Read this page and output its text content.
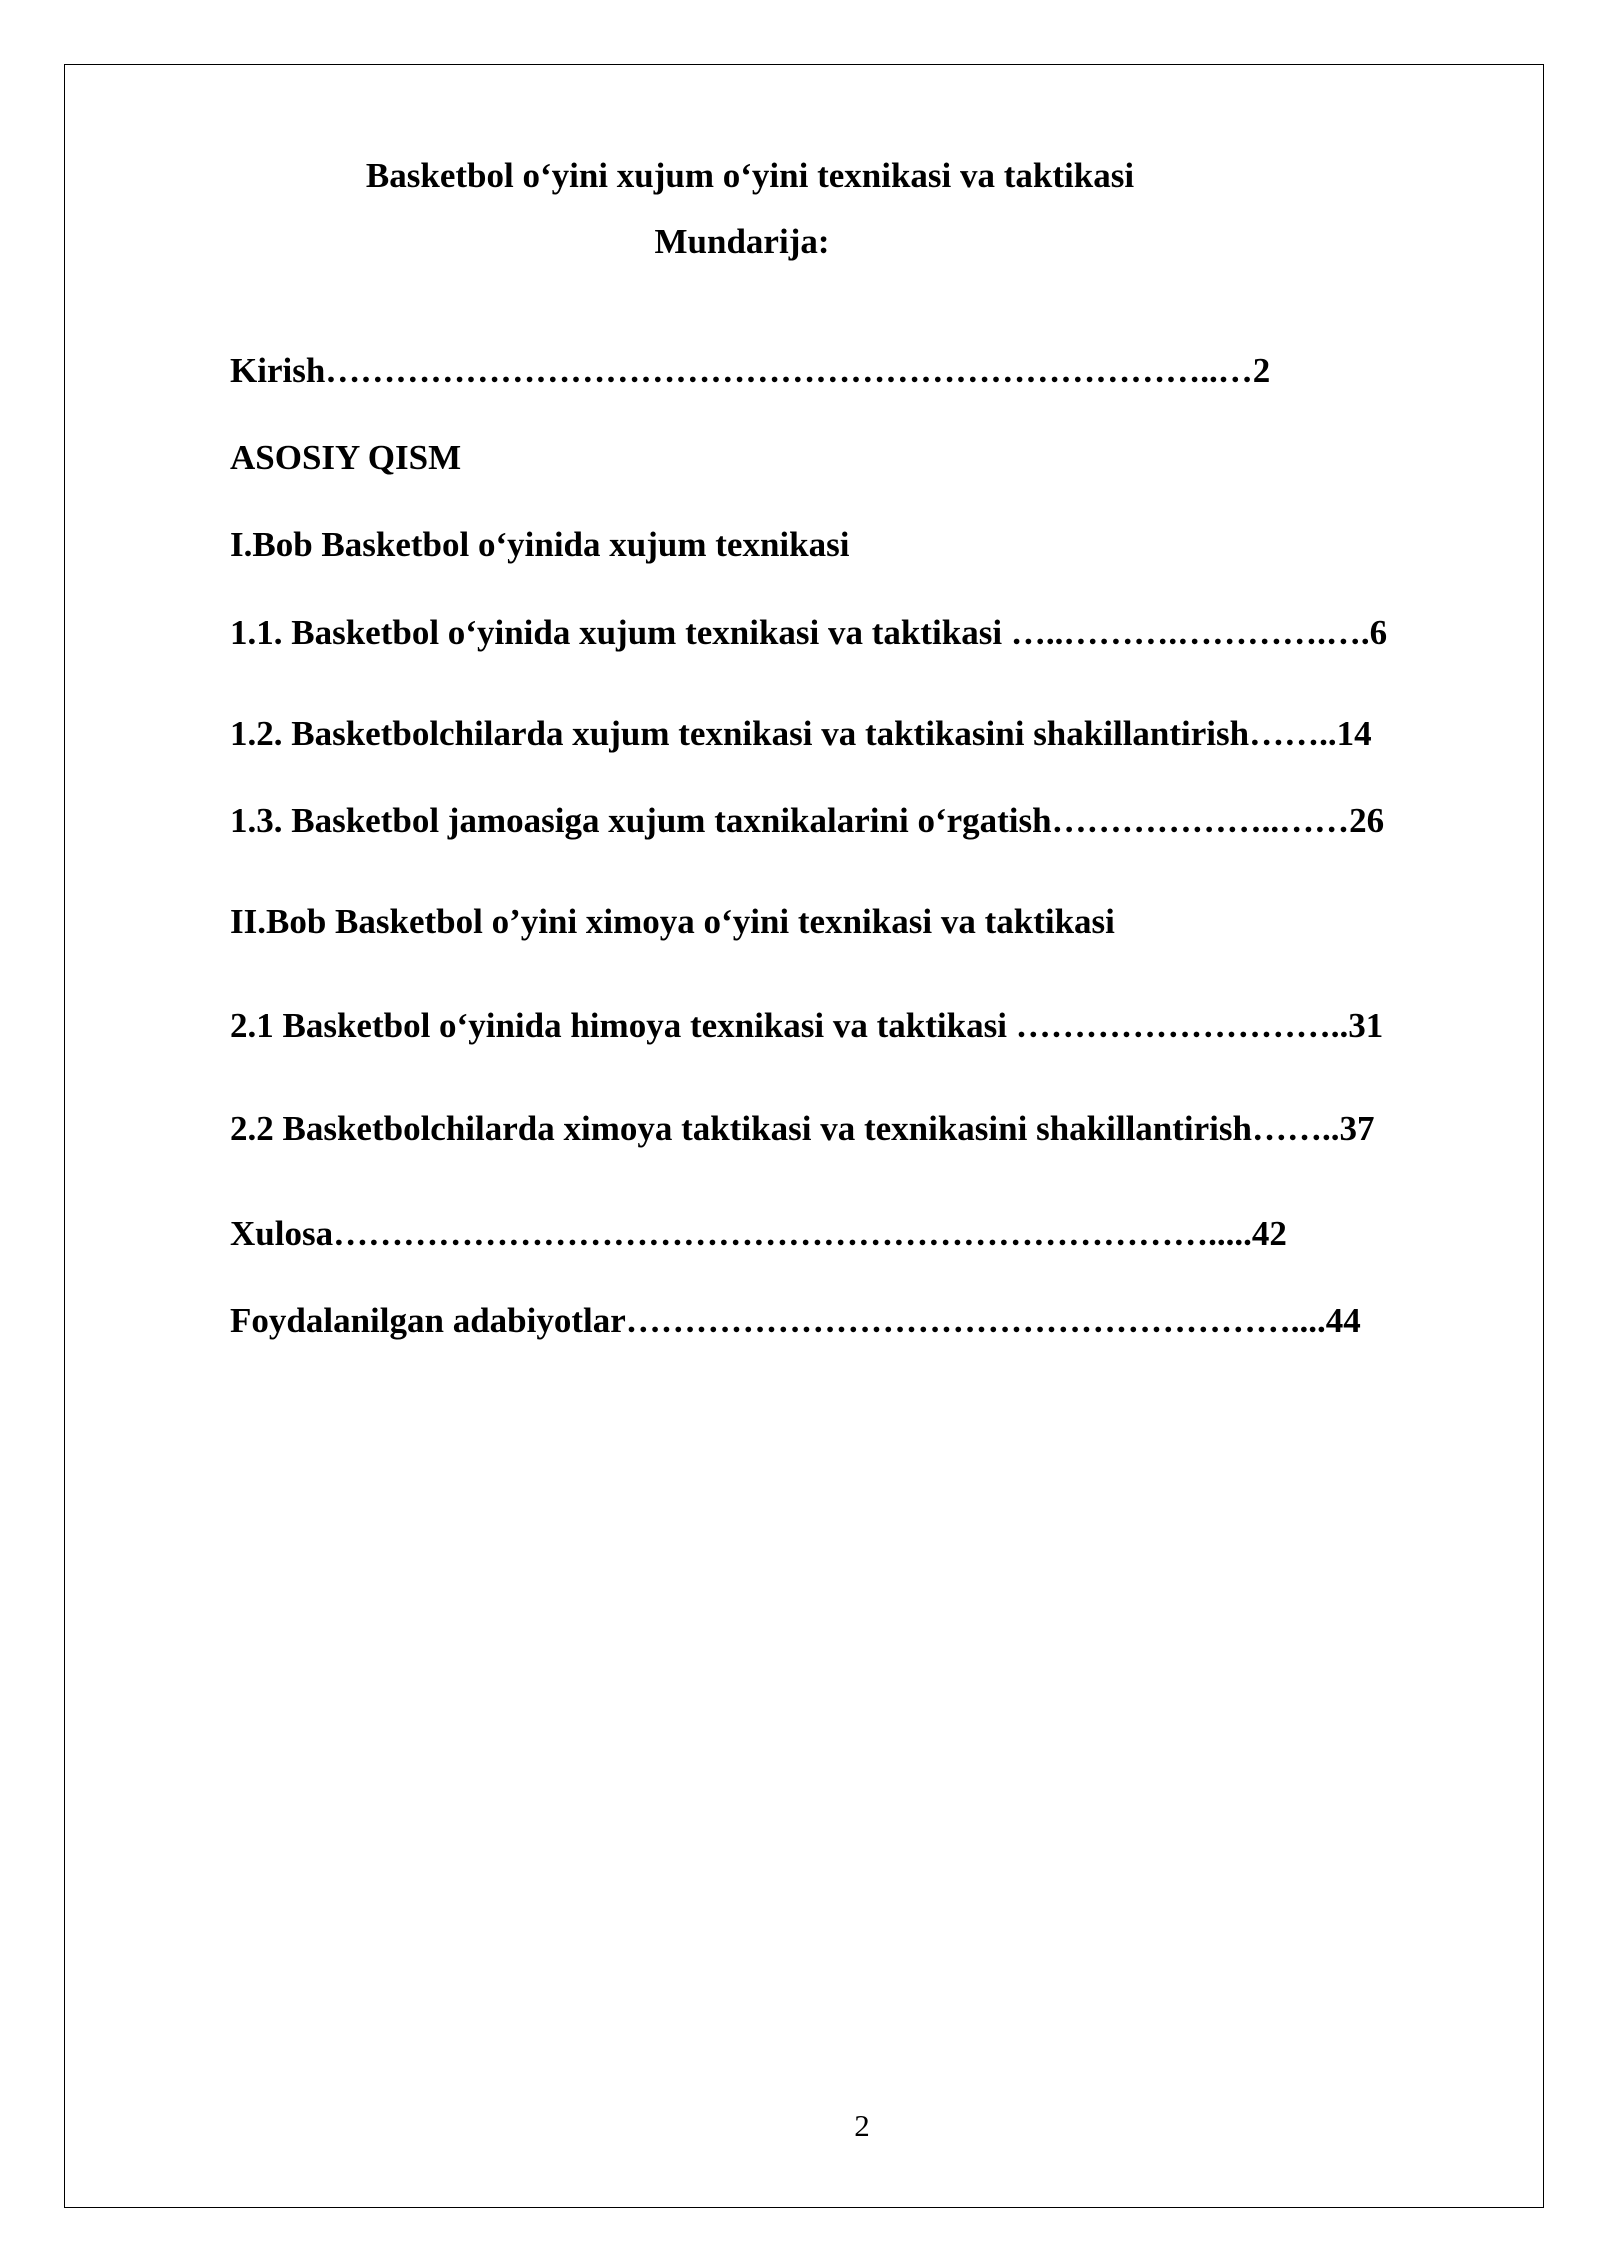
Basketbol o‘yini xujum o‘yini texnikasi va taktikasi
Mundarija:
Kirish…………………………………………………………………..…2
ASOSIY QISM
I.Bob Basketbol o‘yinida xujum texnikasi
1.1. Basketbol o‘yinida xujum texnikasi va taktikasi …..……….………….….6
1.2. Basketbolchilarda xujum texnikasi va taktikasini shakillantirish……..14
1.3. Basketbol jamoasiga xujum taxnikalarini o‘rgatish………………..……26
II.Bob Basketbol o’yini ximoya o‘yini texnikasi va taktikasi
2.1 Basketbol o‘yinida himoya texnikasi va taktikasi ………………………..31
2.2 Basketbolchilarda ximoya taktikasi va texnikasini shakillantirish……..37
Xulosa………………………………………………………………….....42
Foydalanilgan adabiyotlar…………………………………………………....44
2
